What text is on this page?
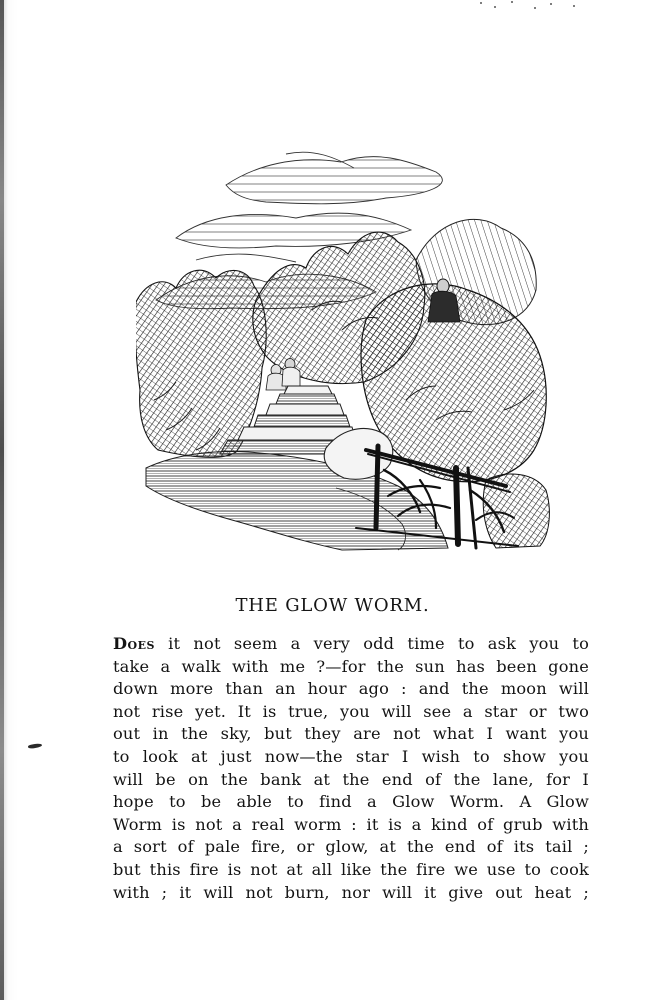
THE GLOW WORM.
Does it not seem a very odd time to ask you to
take a walk with me ?—for the sun has been gone
down more than an hour ago : and the moon will
not rise yet. It is true, you will see a star or two
out in the sky, but they are not what I want you
to look at just now—the star I wish to show you
will be on the bank at the end of the lane, for I
hope to be able to find a Glow Worm. A Glow
Worm is not a real worm : it is a kind of grub with
a sort of pale fire, or glow, at the end of its tail ;
but this fire is not at all like the fire we use to cook
with ; it will not burn, nor will it give out heat ;
